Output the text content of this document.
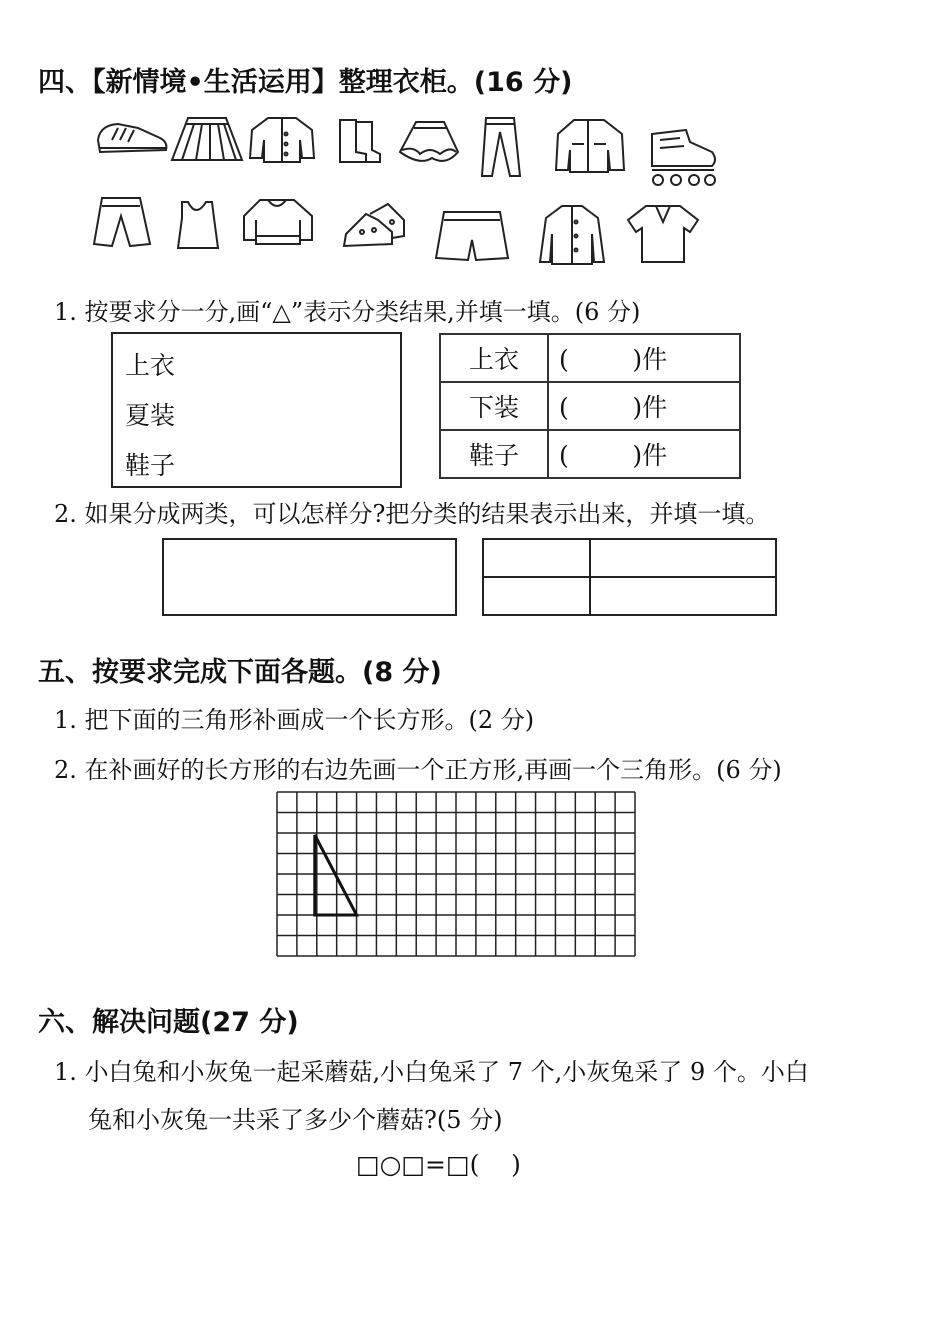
四、【新情境•生活运用】整理衣柜。(16 分)
1. 按要求分一分,画“△”表示分类结果,并填一填。(6 分)
上衣
夏装
鞋子
上衣	(        )件
下装	(        )件
鞋子	(        )件
2. 如果分成两类，可以怎样分?把分类的结果表示出来，并填一填。
五、按要求完成下面各题。(8 分)
1. 把下面的三角形补画成一个长方形。(2 分)
2. 在补画好的长方形的右边先画一个正方形,再画一个三角形。(6 分)
六、解决问题(27 分)
1. 小白兔和小灰兔一起采蘑菇,小白兔采了 7 个,小灰兔采了 9 个。小白
兔和小灰兔一共采了多少个蘑菇?(5 分)
□○□=□(    )
